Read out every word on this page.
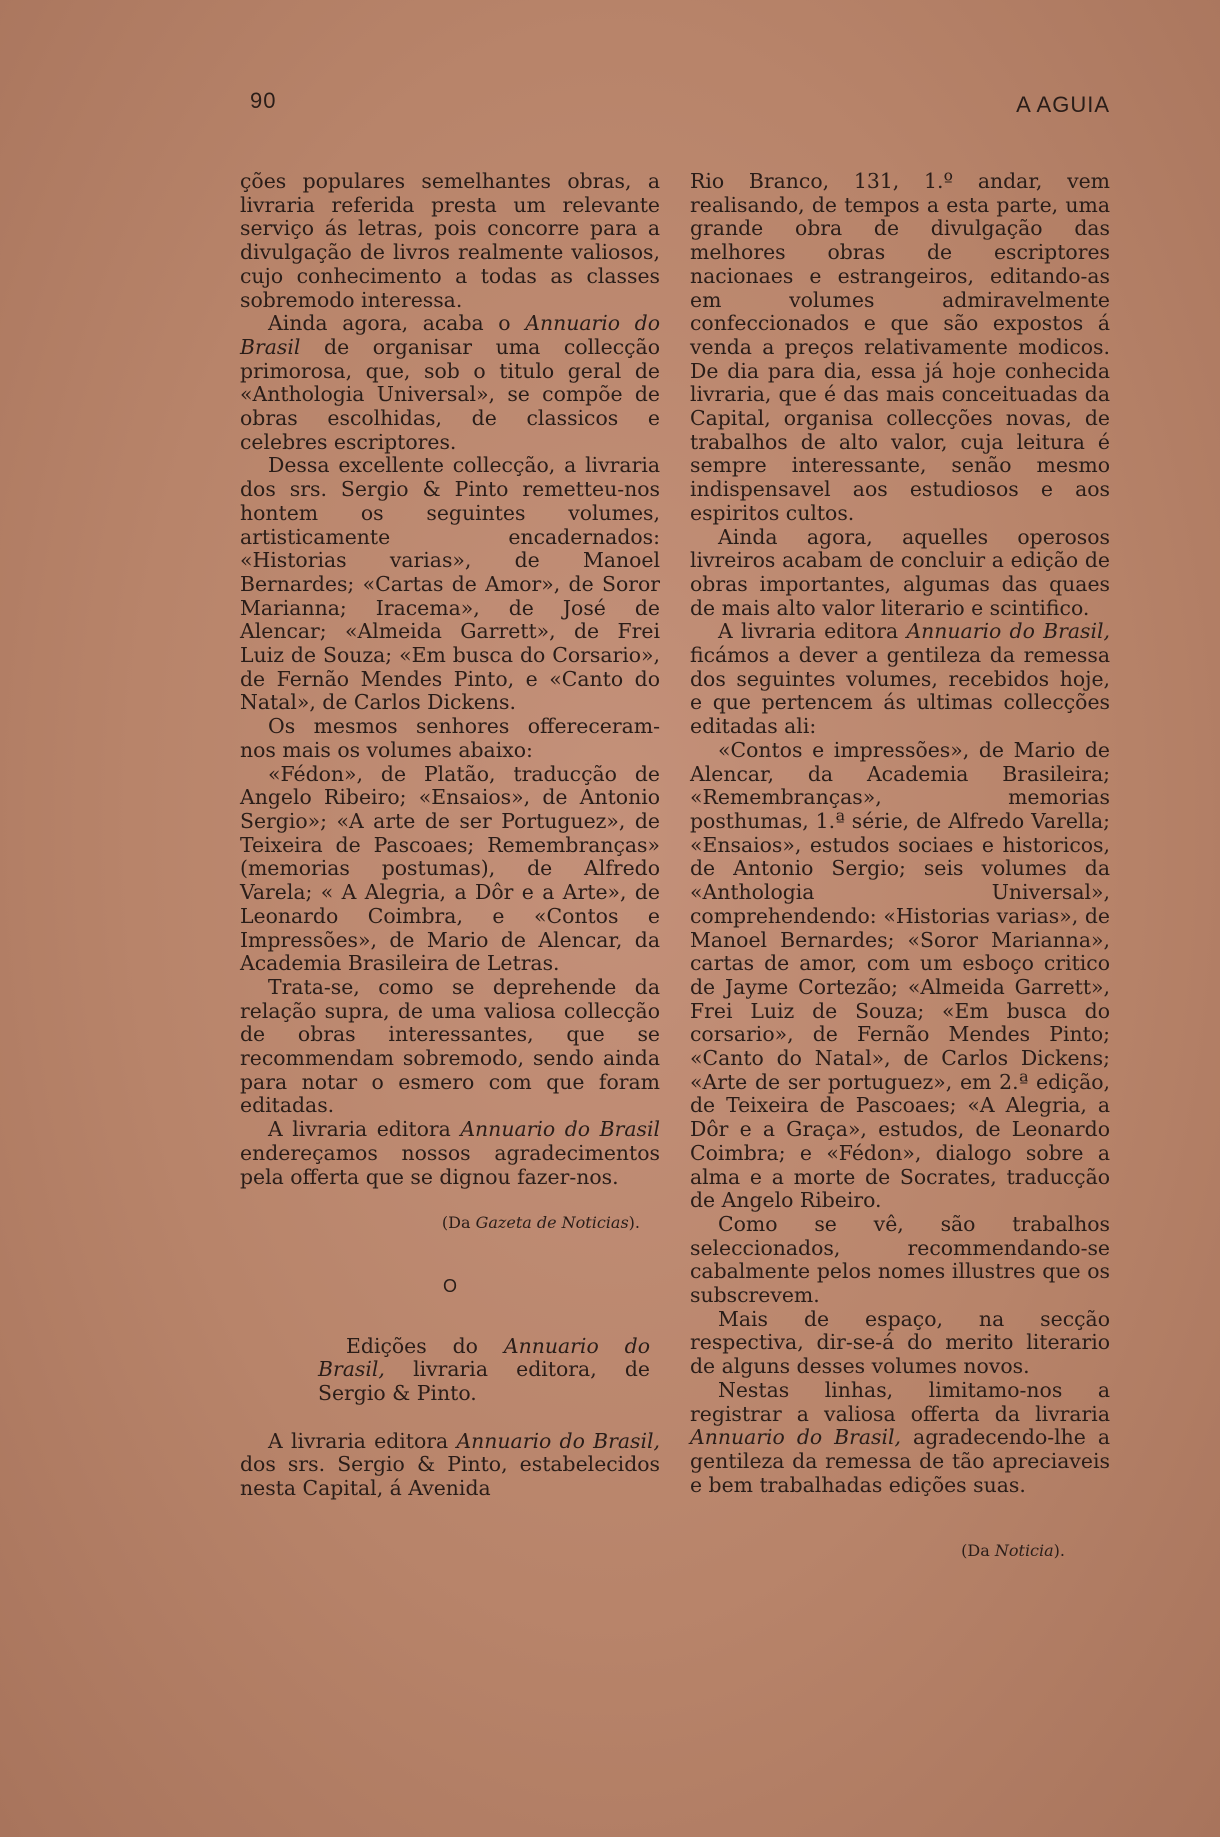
90	A AGUIA

ções populares semelhantes obras, a livraria referida presta um relevante serviço ás letras, pois concorre para a divulgação de livros realmente valiosos, cujo conhecimento a todas as classes sobremodo interessa.

Ainda agora, acaba o Annuario do Brasil de organisar uma collecção primorosa, que, sob o titulo geral de «Anthologia Universal», se compõe de obras escolhidas, de classicos e celebres escriptores.

Dessa excellente collecção, a livraria dos srs. Sergio & Pinto remetteu-nos hontem os seguintes volumes, artisticamente encadernados: «Historias varias», de Manoel Bernardes; «Cartas de Amor», de Soror Marianna; Iracema», de José de Alencar; «Almeida Garrett», de Frei Luiz de Souza; «Em busca do Corsario», de Fernão Mendes Pinto, e «Canto do Natal», de Carlos Dickens.

Os mesmos senhores offereceram-nos mais os volumes abaixo:

«Fédon», de Platão, traducção de Angelo Ribeiro; «Ensaios», de Antonio Sergio»; «A arte de ser Portuguez», de Teixeira de Pascoaes; Remembranças» (memorias postumas), de Alfredo Varela; « A Alegria, a Dôr e a Arte», de Leonardo Coimbra, e «Contos e Impressões», de Mario de Alencar, da Academia Brasileira de Letras.

Trata-se, como se deprehende da relação supra, de uma valiosa collecção de obras interessantes, que se recommendam sobremodo, sendo ainda para notar o esmero com que foram editadas.

A livraria editora Annuario do Brasil endereçamos nossos agradecimentos pela offerta que se dignou fazer-nos.

(Da Gazeta de Noticias).
O

Edições do Annuario do Brasil, livraria editora, de Sergio & Pinto.

A livraria editora Annuario do Brasil, dos srs. Sergio & Pinto, estabelecidos nesta Capital, á Avenida

Rio Branco, 131, 1.º andar, vem realisando, de tempos a esta parte, uma grande obra de divulgação das melhores obras de escriptores nacionaes e estrangeiros, editando-as em volumes admiravelmente confeccionados e que são expostos á venda a preços relativamente modicos. De dia para dia, essa já hoje conhecida livraria, que é das mais conceituadas da Capital, organisa collecções novas, de trabalhos de alto valor, cuja leitura é sempre interessante, senão mesmo indispensavel aos estudiosos e aos espiritos cultos.

Ainda agora, aquelles operosos livreiros acabam de concluir a edição de obras importantes, algumas das quaes de mais alto valor literario e scintifico.

A livraria editora Annuario do Brasil, ficámos a dever a gentileza da remessa dos seguintes volumes, recebidos hoje, e que pertencem ás ultimas collecções editadas ali:

«Contos e impressões», de Mario de Alencar, da Academia Brasileira; «Remembranças», memorias posthumas, 1.ª série, de Alfredo Varella; «Ensaios», estudos sociaes e historicos, de Antonio Sergio; seis volumes da «Anthologia Universal», comprehendendo: «Historias varias», de Manoel Bernardes; «Soror Marianna», cartas de amor, com um esboço critico de Jayme Cortezão; «Almeida Garrett», Frei Luiz de Souza; «Em busca do corsario», de Fernão Mendes Pinto; «Canto do Natal», de Carlos Dickens; «Arte de ser portuguez», em 2.ª edição, de Teixeira de Pascoaes; «A Alegria, a Dôr e a Graça», estudos, de Leonardo Coimbra; e «Fédon», dialogo sobre a alma e a morte de Socrates, traducção de Angelo Ribeiro.

Como se vê, são trabalhos seleccionados, recommendando-se cabalmente pelos nomes illustres que os subscrevem.

Mais de espaço, na secção respectiva, dir-se-á do merito literario de alguns desses volumes novos.

Nestas linhas, limitamo-nos a registrar a valiosa offerta da livraria Annuario do Brasil, agradecendo-lhe a gentileza da remessa de tão apreciaveis e bem trabalhadas edições suas.

(Da Noticia).
